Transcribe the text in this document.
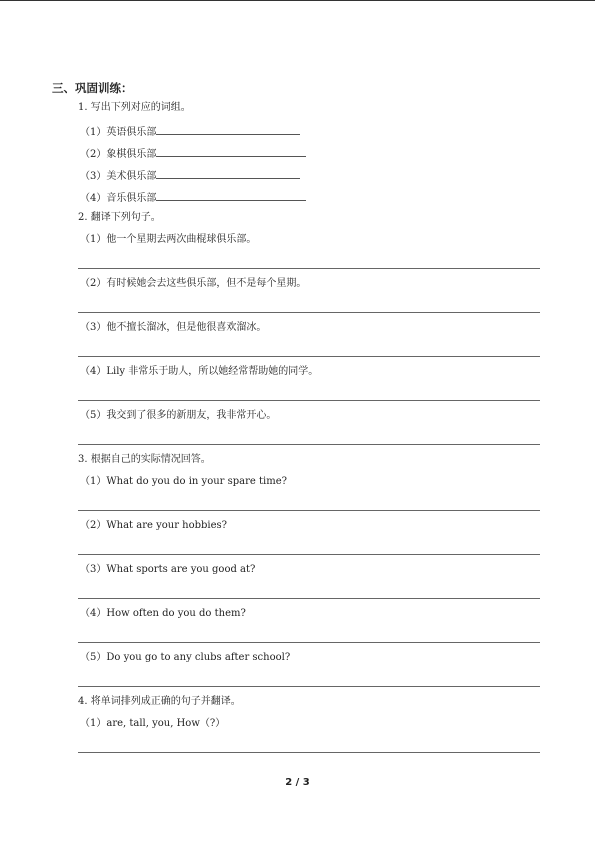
三、巩固训练：
1. 写出下列对应的词组。
（1）英语俱乐部
（2）象棋俱乐部
（3）美术俱乐部
（4）音乐俱乐部
2. 翻译下列句子。
（1）他一个星期去两次曲棍球俱乐部。
（2）有时候她会去这些俱乐部，但不是每个星期。
（3）他不擅长溜冰，但是他很喜欢溜冰。
（4）Lily 非常乐于助人，所以她经常帮助她的同学。
（5）我交到了很多的新朋友，我非常开心。
3. 根据自己的实际情况回答。
（1）What do you do in your spare time?
（2）What are your hobbies?
（3）What sports are you good at?
（4）How often do you do them?
（5）Do you go to any clubs after school?
4. 将单词排列成正确的句子并翻译。
（1）are, tall, you, How（?）
2 / 3
